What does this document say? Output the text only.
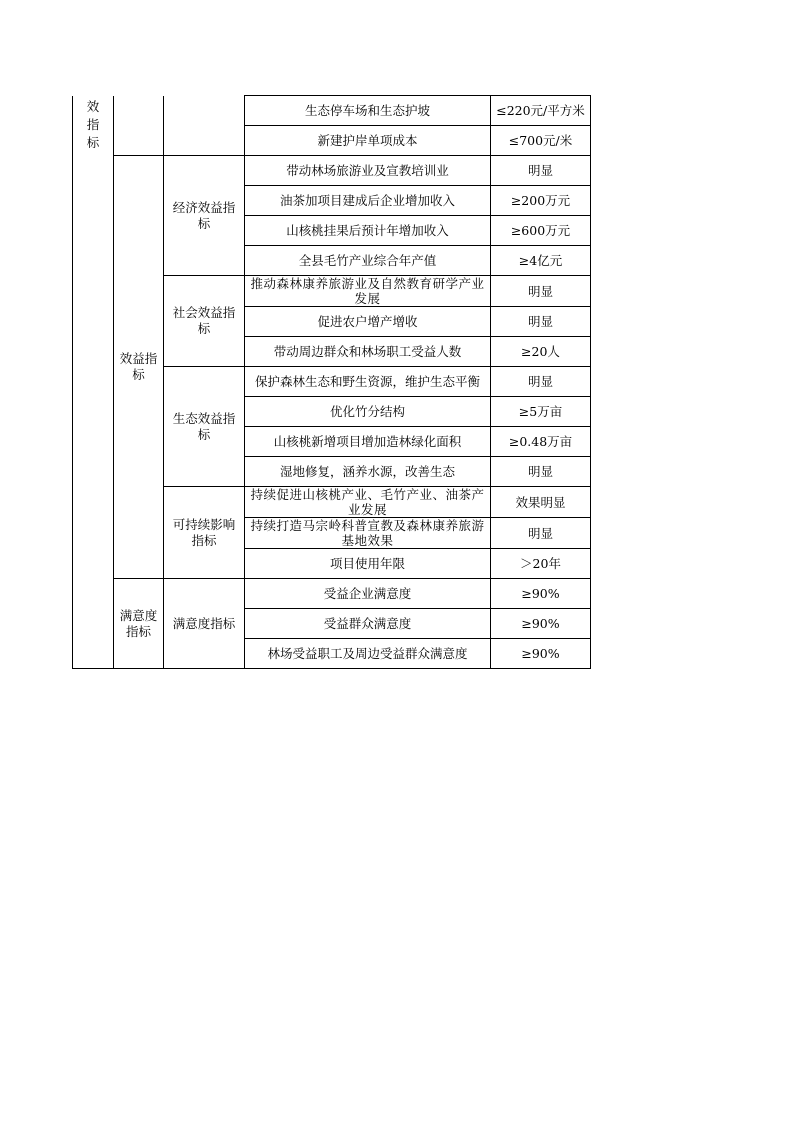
效指标			生态停车场和生态护坡	≤220元/平方米
			新建护岸单项成本	≤700元/米
	效益指标	经济效益指标	带动林场旅游业及宣教培训业	明显
			油茶加项目建成后企业增加收入	≥200万元
			山核桃挂果后预计年增加收入	≥600万元
			全县毛竹产业综合年产值	≥4亿元
		社会效益指标	推动森林康养旅游业及自然教育研学产业发展	明显
			促进农户增产增收	明显
			带动周边群众和林场职工受益人数	≥20人
		生态效益指标	保护森林生态和野生资源，维护生态平衡	明显
			优化竹分结构	≥5万亩
			山核桃新增项目增加造林绿化面积	≥0.48万亩
			湿地修复，涵养水源，改善生态	明显
		可持续影响指标	持续促进山核桃产业、毛竹产业、油茶产业发展	效果明显
			持续打造马宗岭科普宣教及森林康养旅游基地效果	明显
			项目使用年限	＞20年
	满意度指标	满意度指标	受益企业满意度	≥90%
			受益群众满意度	≥90%
			林场受益职工及周边受益群众满意度	≥90%
